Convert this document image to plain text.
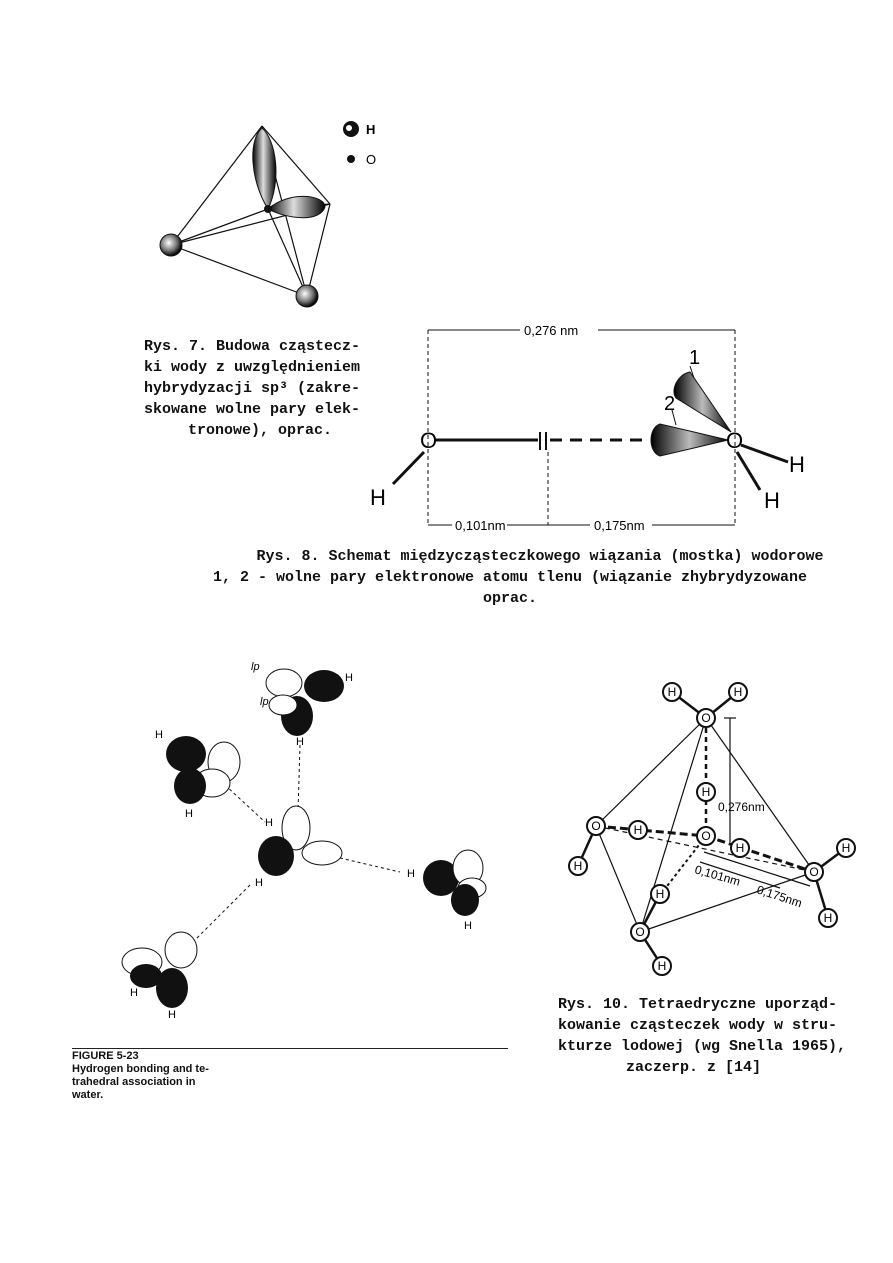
H
O

Rys. 7. Budowa cząstecz-

ki wody z uwzględnieniem

hybrydyzacji sp³ (zakre-

skowane wolne pary elek-

tronowe), oprac.	O	O
H
H
H
1
2
0,276 nm
0,101nm	0,175nm

Rys. 8. Schemat międzycząsteczkowego wiązania (mostka) wodorowe

1, 2 - wolne pary elektronowe atomu tlenu (wiązanie zhybrydyzowane

oprac.

lp
lp
H
H
H
H
H
H
H
H
H
H

FIGURE 5-23

Hydrogen bonding and te-

trahedral association in

water.

O
O
O
O
O
H	H
H
H
H
H
H
H
H
H
0,276nm
0,101nm
0,175nm

Rys. 10. Tetraedryczne uporząd-

kowanie cząsteczek wody w stru-

kturze lodowej (wg Snella 1965),

zaczerp. z [14]
